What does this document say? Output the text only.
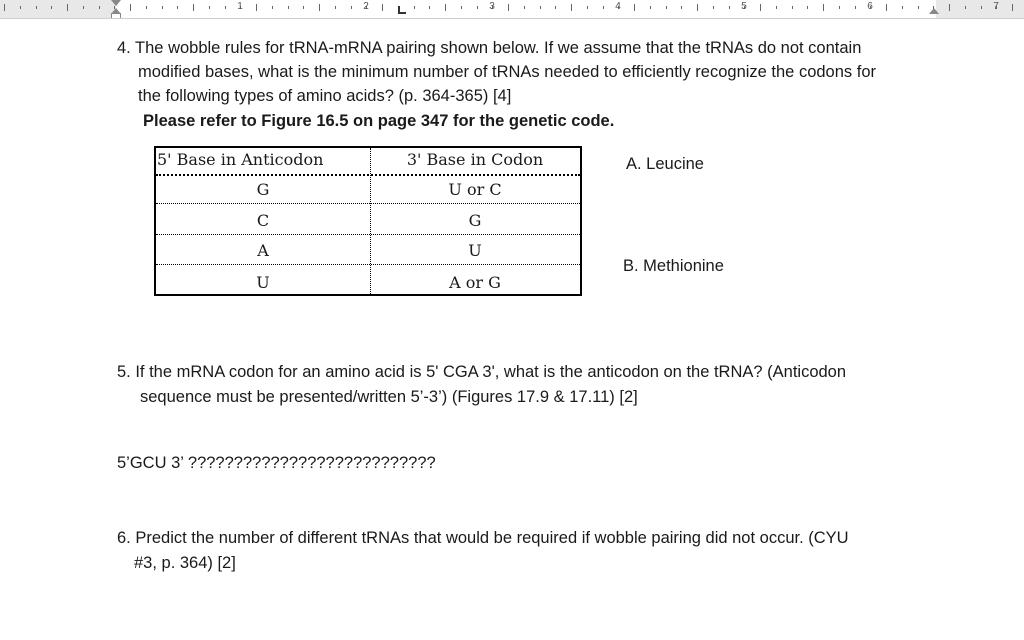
1	2	3	4	5	6	7
4. The wobble rules for tRNA-mRNA pairing shown below. If we assume that the tRNAs do not contain
modified bases, what is the minimum number of tRNAs needed to efficiently recognize the codons for
the following types of amino acids? (p. 364-365) [4]
Please refer to Figure 16.5 on page 347 for the genetic code.
5' Base in Anticodon	3' Base in Codon
G	U or C
C	G
A	U
U	A or G
A. Leucine
B. Methionine
5. If the mRNA codon for an amino acid is 5' CGA 3', what is the anticodon on the tRNA? (Anticodon
sequence must be presented/written 5’-3’) (Figures 17.9 & 17.11) [2]
5’GCU 3’ ???????????????????????????
6. Predict the number of different tRNAs that would be required if wobble pairing did not occur. (CYU
#3, p. 364) [2]
